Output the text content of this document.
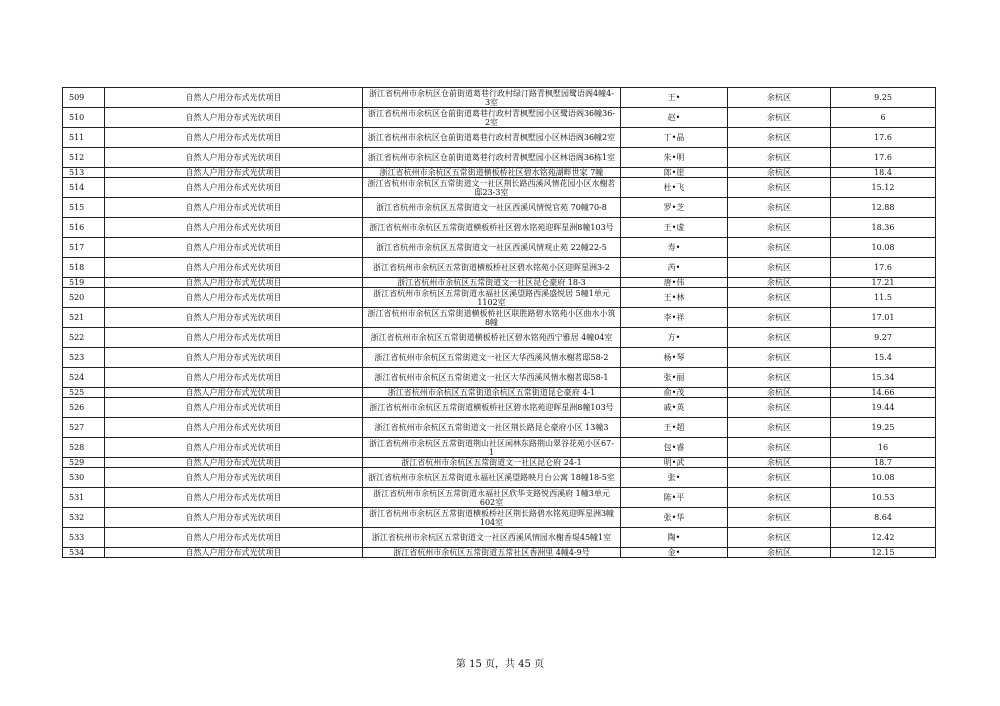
509	自然人户用分布式光伏项目	浙江省杭州市余杭区仓前街道葛巷行政村绿汀路青枫墅园鹭语阁4幢4-3室	王•	余杭区	9.25
510	自然人户用分布式光伏项目	浙江省杭州市余杭区仓前街道葛巷行政村青枫墅园小区鹭语阁36幢36-2室	赵•	余杭区	6
511	自然人户用分布式光伏项目	浙江省杭州市余杭区仓前街道葛巷行政村青枫墅园小区林语阁36幢2室	丁•晶	余杭区	17.6
512	自然人户用分布式光伏项目	浙江省杭州市余杭区仓前街道葛巷行政村青枫墅园小区林语阁36栋1室	朱•明	余杭区	17.6
513	自然人户用分布式光伏项目	浙江省杭州市余杭区五常街道横板桥社区碧水铭苑湖畔世家 7幢	郎•崖	余杭区	18.4
514	自然人户用分布式光伏项目	浙江省杭州市余杭区五常街道文一社区荆长路西溪风情花园小区水榭茗邸23-3室	杜•飞	余杭区	15.12
515	自然人户用分布式光伏项目	浙江省杭州市余杭区五常街道文一社区西溪风情悦官苑 70幢70-8	罗•芝	余杭区	12.88
516	自然人户用分布式光伏项目	浙江省杭州市余杭区五常街道横板桥社区碧水铭苑迎晖星洲8幢103号	王•虚	余杭区	18.36
517	自然人户用分布式光伏项目	浙江省杭州市余杭区五常街道文一社区西溪风情观止苑 22幢22-5	寿•	余杭区	10.08
518	自然人户用分布式光伏项目	浙江省杭州市余杭区五常街道横板桥社区碧水铭苑小区迎晖星洲3-2	芮•	余杭区	17.6
519	自然人户用分布式光伏项目	浙江省杭州市余杭区五常街道文一社区昆仑豪府 18-3	唐•伟	余杭区	17.21
520	自然人户用分布式光伏项目	浙江省杭州市余杭区五常街道永福社区溪望路西溪盛悦居 5幢1单元1102室	王•林	余杭区	11.5
521	自然人户用分布式光伏项目	浙江省杭州市余杭区五常街道横板桥社区联胜路碧水铭苑小区曲水小筑8幢	李•祥	余杭区	17.01
522	自然人户用分布式光伏项目	浙江省杭州市余杭区五常街道横板桥社区碧水铭苑西宁雅居 4幢04室	方•	余杭区	9.27
523	自然人户用分布式光伏项目	浙江省杭州市余杭区五常街道文一社区大华西溪风情水榭茗邸58-2	杨•琴	余杭区	15.4
524	自然人户用分布式光伏项目	浙江省杭州市余杭区五常街道文一社区大华西溪风情水榭茗邸58-1	张•丽	余杭区	15.34
525	自然人户用分布式光伏项目	浙江省杭州市余杭区五常街道余杭区五常街道昆仑豪府 4-1	俞•茂	余杭区	14.66
526	自然人户用分布式光伏项目	浙江省杭州市余杭区五常街道横板桥社区碧水铭苑迎晖星洲8幢103号	戚•英	余杭区	19.44
527	自然人户用分布式光伏项目	浙江省杭州市余杭区五常街道文一社区荆长路昆仑豪府小区 13幢3	王•超	余杭区	19.25
528	自然人户用分布式光伏项目	浙江省杭州市余杭区五常街道荆山社区闲林东路荆山翠谷花苑小区67-1	包•睿	余杭区	16
529	自然人户用分布式光伏项目	浙江省杭州市余杭区五常街道文一社区昆仑府 24-1	明•武	余杭区	18.7
530	自然人户用分布式光伏项目	浙江省杭州市余杭区五常街道永福社区溪望路映月台公寓 18幢18-5室	张•	余杭区	10.08
531	自然人户用分布式光伏项目	浙江省杭州市余杭区五常街道永福社区欣华支路悦西溪府 1幢3单元602室	陈•平	余杭区	10.53
532	自然人户用分布式光伏项目	浙江省杭州市余杭区五常街道横板桥社区荆长路碧水铭苑迎晖星洲3幢104室	张•华	余杭区	8.64
533	自然人户用分布式光伏项目	浙江省杭州市余杭区五常街道文一社区西溪风情园水榭香堤45幢1室	陶•	余杭区	12.42
534	自然人户用分布式光伏项目	浙江省杭州市余杭区五常街道五常社区香洲里 4幢4-9号	金•	余杭区	12.15
第 15 页，共 45 页
